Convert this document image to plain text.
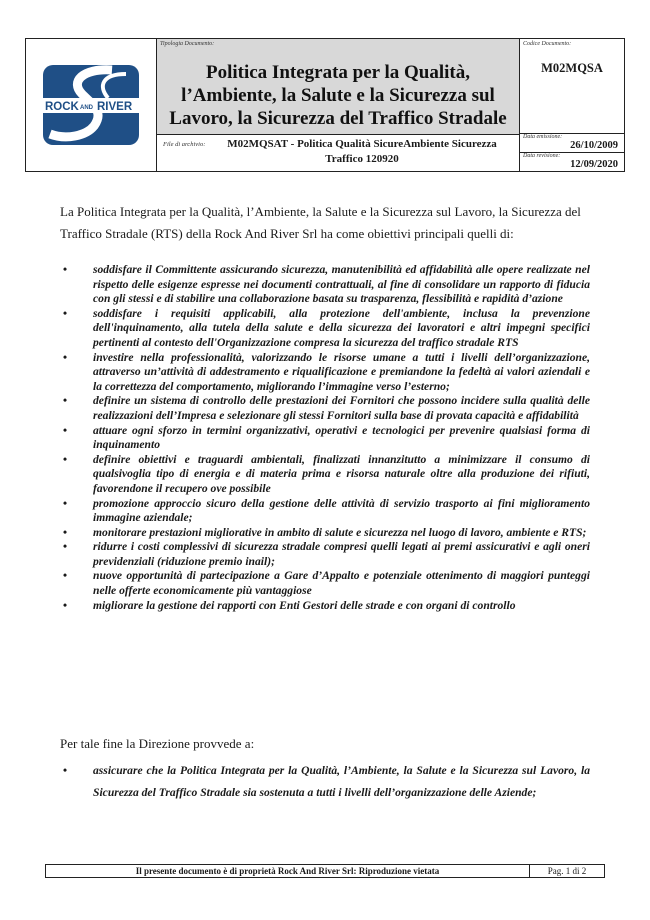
ROCK AND RIVER
Tipologia Documento:
Politica Integrata per la Qualità, l’Ambiente, la Salute e la Sicurezza sul Lavoro, la Sicurezza del Traffico Stradale
File di archivio:	M02MQSAT - Politica Qualità SicureAmbiente Sicurezza Traffico 120920
Codice Documento:
M02MQSA
Data emissione:
26/10/2009
Data revisione:
12/09/2020

La Politica Integrata per la Qualità, l’Ambiente, la Salute e la Sicurezza sul Lavoro, la Sicurezza del Traffico Stradale (RTS) della Rock And River Srl ha come obiettivi principali quelli di:

• soddisfare il Committente assicurando sicurezza, manutenibilità ed affidabilità alle opere realizzate nel rispetto delle esigenze espresse nei documenti contrattuali, al fine di consolidare un rapporto di fiducia con gli stessi e di stabilire una collaborazione basata su trasparenza, flessibilità e rapidità d’azione
• soddisfare i requisiti applicabili, alla protezione dell'ambiente, inclusa la prevenzione dell'inquinamento, alla tutela della salute e della sicurezza dei lavoratori e altri impegni specifici pertinenti al contesto dell'Organizzazione compresa la sicurezza del traffico stradale RTS
• investire nella professionalità, valorizzando le risorse umane a tutti i livelli dell’organizzazione, attraverso un’attività di addestramento e riqualificazione e premiandone la fedeltà ai valori aziendali e la correttezza del comportamento, migliorando l’immagine verso l’esterno;
• definire un sistema di controllo delle prestazioni dei Fornitori che possono incidere sulla qualità delle realizzazioni dell’Impresa e selezionare gli stessi Fornitori sulla base di provata capacità e affidabilità
• attuare ogni sforzo in termini organizzativi, operativi e tecnologici per prevenire qualsiasi forma di inquinamento
• definire obiettivi e traguardi ambientali, finalizzati innanzitutto a minimizzare il consumo di qualsivoglia tipo di energia e di materia prima e risorsa naturale oltre alla produzione dei rifiuti, favorendone il recupero ove possibile
• promozione approccio sicuro della gestione delle attività di servizio trasporto ai fini miglioramento immagine aziendale;
• monitorare prestazioni migliorative in ambito di salute e sicurezza nel luogo di lavoro, ambiente e RTS;
• ridurre i costi complessivi di sicurezza stradale compresi quelli legati ai premi assicurativi e agli oneri previdenziali (riduzione premio inail);
• nuove opportunità di partecipazione a Gare d’Appalto e potenziale ottenimento di maggiori punteggi nelle offerte economicamente più vantaggiose
• migliorare la gestione dei rapporti con Enti Gestori delle strade e con organi di controllo

Per tale fine la Direzione provvede a:

• assicurare che la Politica Integrata per la Qualità, l’Ambiente, la Salute e la Sicurezza sul Lavoro, la Sicurezza del Traffico Stradale sia sostenuta a tutti i livelli dell’organizzazione delle Aziende;
Il presente documento è di proprietà Rock And River Srl: Riproduzione vietata	Pag. 1 di 2
